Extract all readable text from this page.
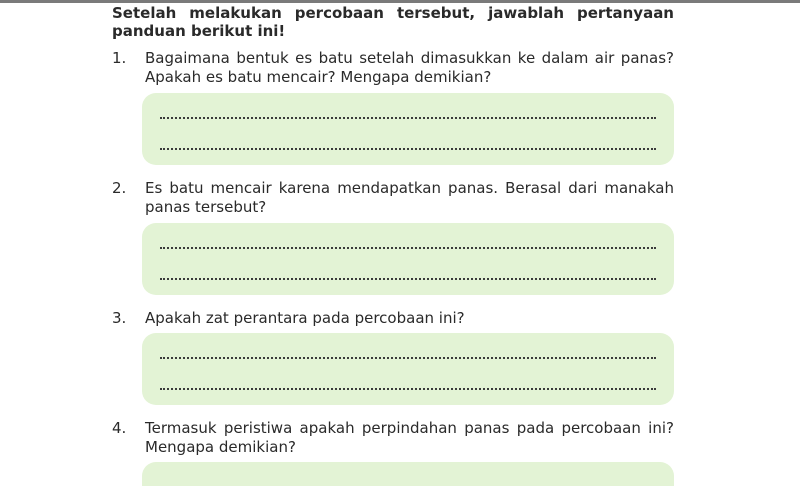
Setelah melakukan percobaan tersebut, jawablah pertanyaan panduan berikut ini!
1. Bagaimana bentuk es batu setelah dimasukkan ke dalam air panas? Apakah es batu mencair? Mengapa demikian?
2. Es batu mencair karena mendapatkan panas. Berasal dari manakah panas tersebut?
3. Apakah zat perantara pada percobaan ini?
4. Termasuk peristiwa apakah perpindahan panas pada percobaan ini? Mengapa demikian?
